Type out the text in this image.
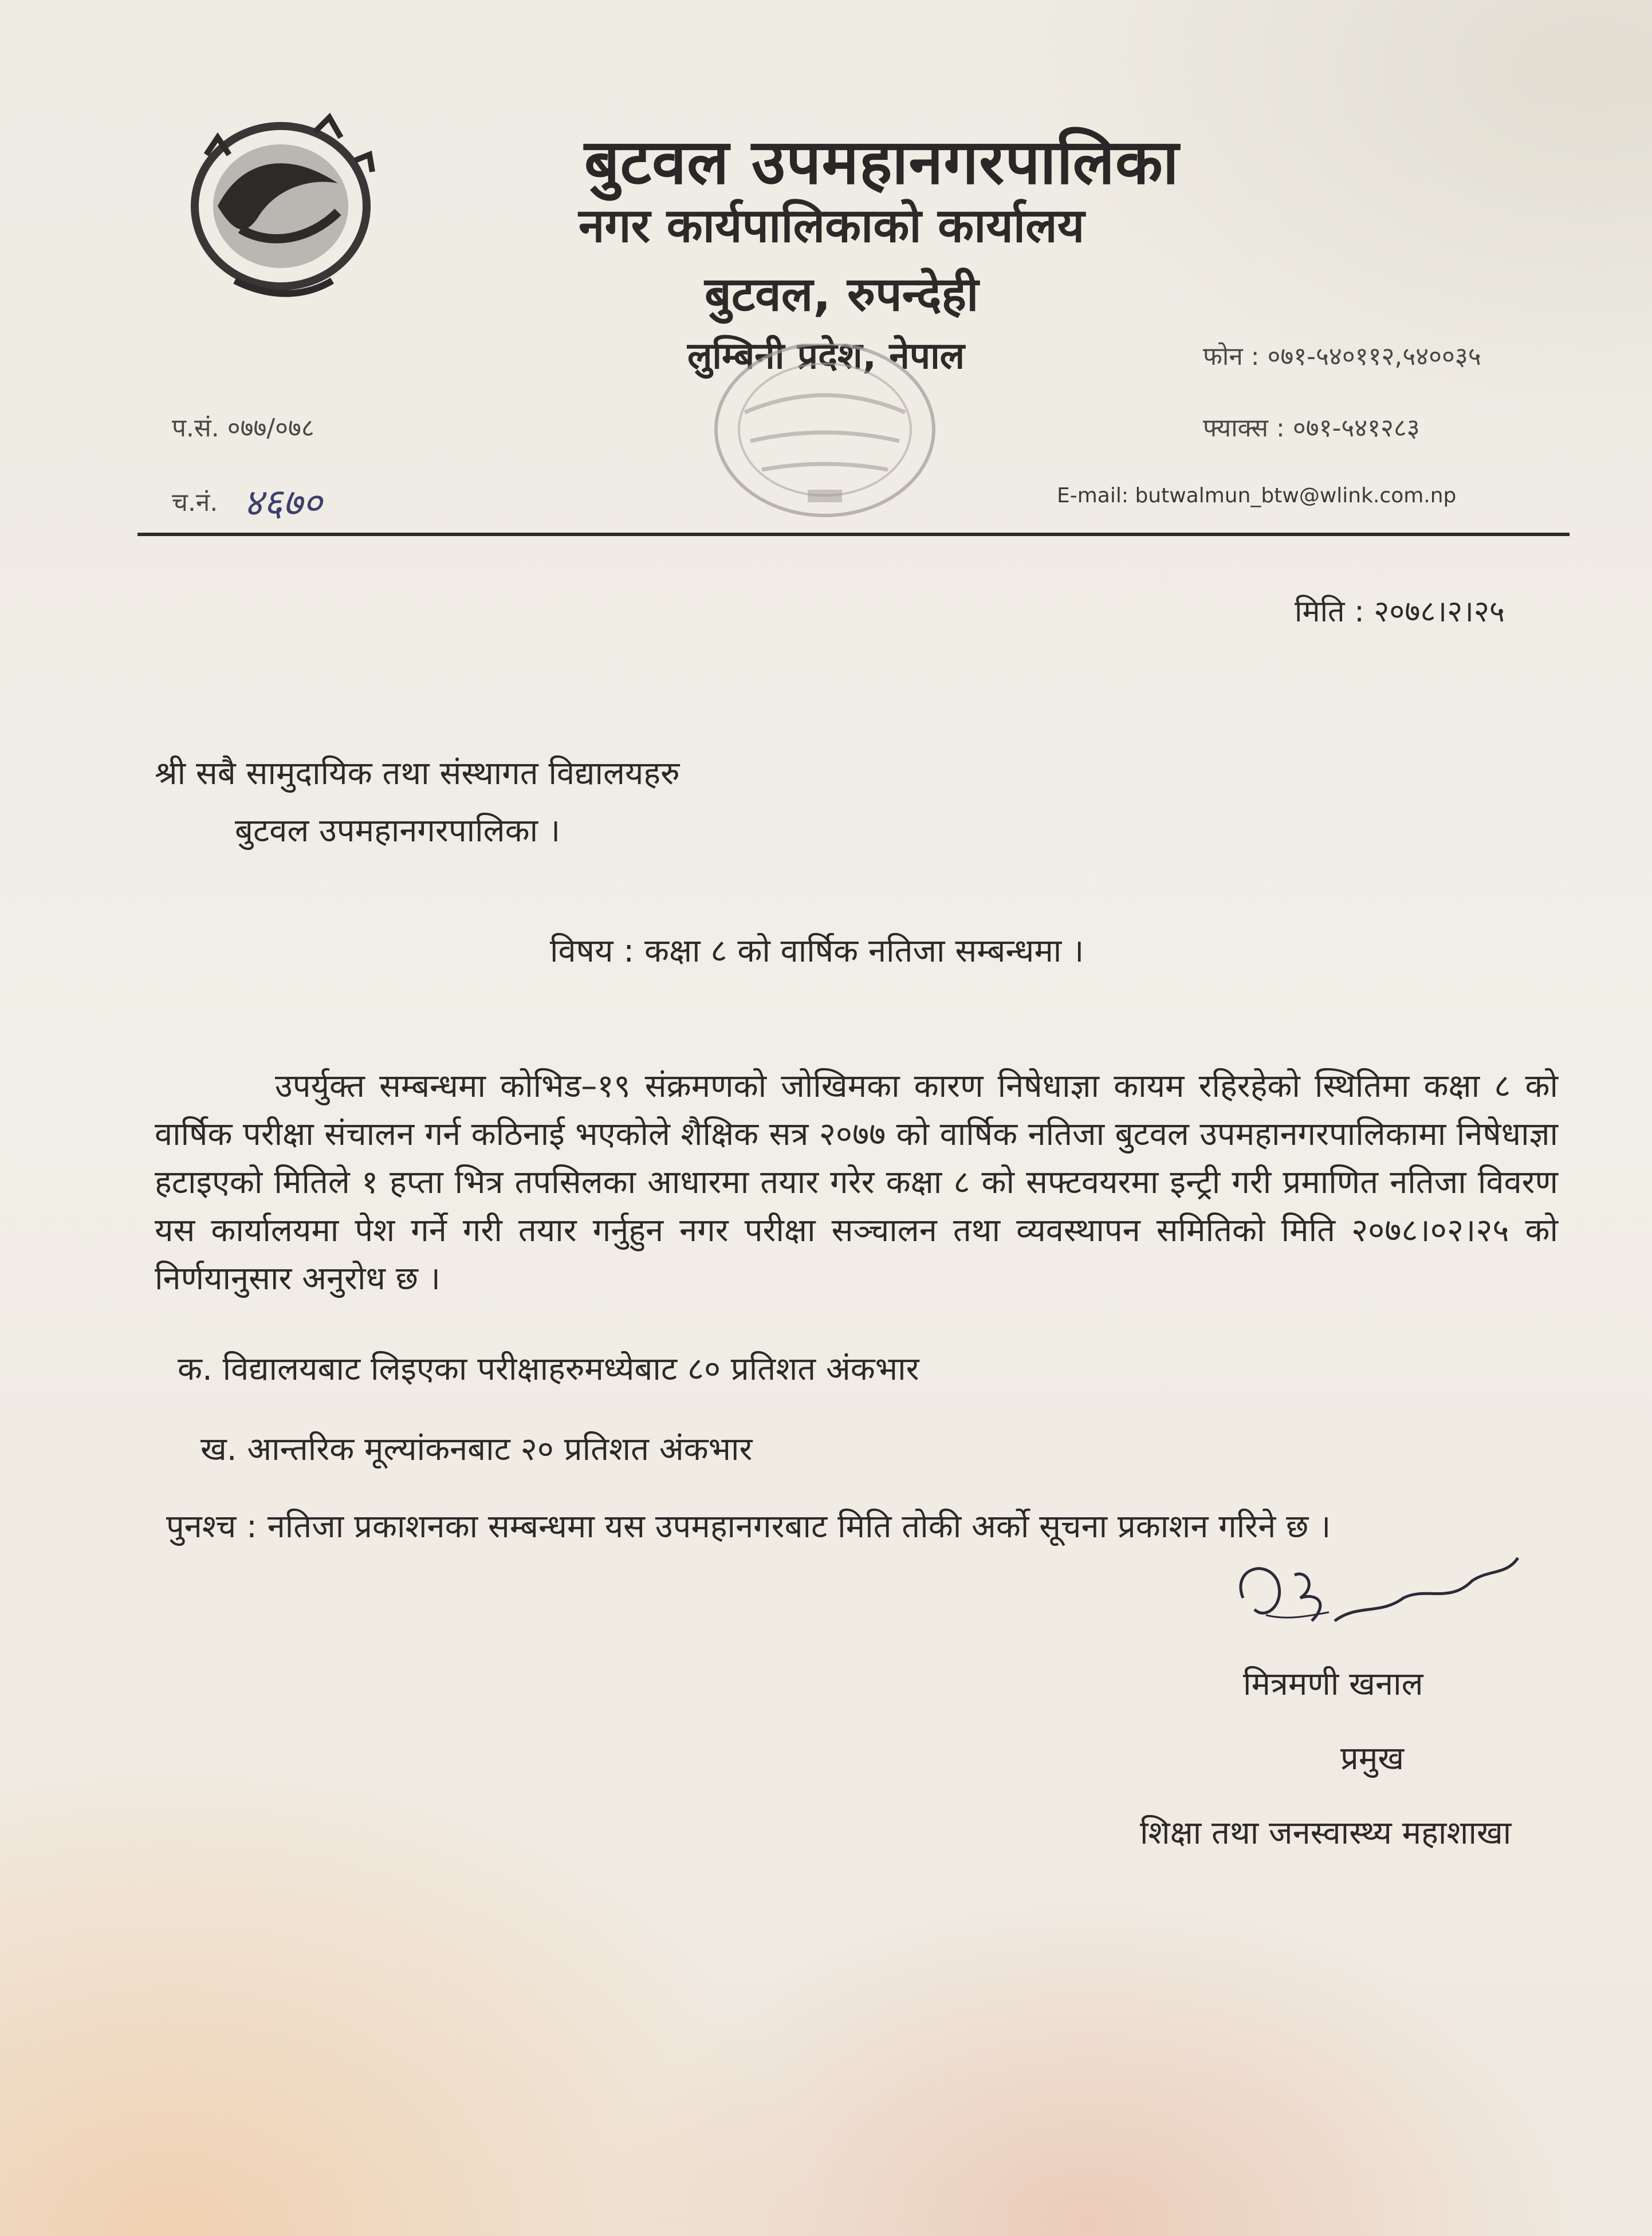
बुटवल उपमहानगरपालिका
नगर कार्यपालिकाको कार्यालय
बुटवल, रुपन्देही
लुम्बिनी प्रदेश, नेपाल	फोन : ०७१-५४०११२,५४००३५
फ्याक्स : ०७१-५४१२८३
E-mail: butwalmun_btw@wlink.com.np
प.सं. ०७७/०७८
च.नं. ४६७०
मिति : २०७८।२।२५
श्री सबै सामुदायिक तथा संस्थागत विद्यालयहरु
बुटवल उपमहानगरपालिका ।
विषय : कक्षा ८ को वार्षिक नतिजा सम्बन्धमा ।
उपर्युक्त सम्बन्धमा कोभिड–१९ संक्रमणको जोखिमका कारण निषेधाज्ञा कायम रहिरहेको स्थितिमा कक्षा ८ को वार्षिक परीक्षा संचालन गर्न कठिनाई भएकोले शैक्षिक सत्र २०७७ को वार्षिक नतिजा बुटवल उपमहानगरपालिकामा निषेधाज्ञा हटाइएको मितिले १ हप्ता भित्र तपसिलका आधारमा तयार गरेर कक्षा ८ को सफ्टवयरमा इन्ट्री गरी प्रमाणित नतिजा विवरण यस कार्यालयमा पेश गर्ने गरी तयार गर्नुहुन नगर परीक्षा सञ्चालन तथा व्यवस्थापन समितिको मिति २०७८।०२।२५ को निर्णयानुसार अनुरोध छ ।
क. विद्यालयबाट लिइएका परीक्षाहरुमध्येबाट ८० प्रतिशत अंकभार
ख. आन्तरिक मूल्यांकनबाट २० प्रतिशत अंकभार
पुनश्च : नतिजा प्रकाशनका सम्बन्धमा यस उपमहानगरबाट मिति तोकी अर्को सूचना प्रकाशन गरिने छ ।
मित्रमणी खनाल
प्रमुख
शिक्षा तथा जनस्वास्थ्य महाशाखा
